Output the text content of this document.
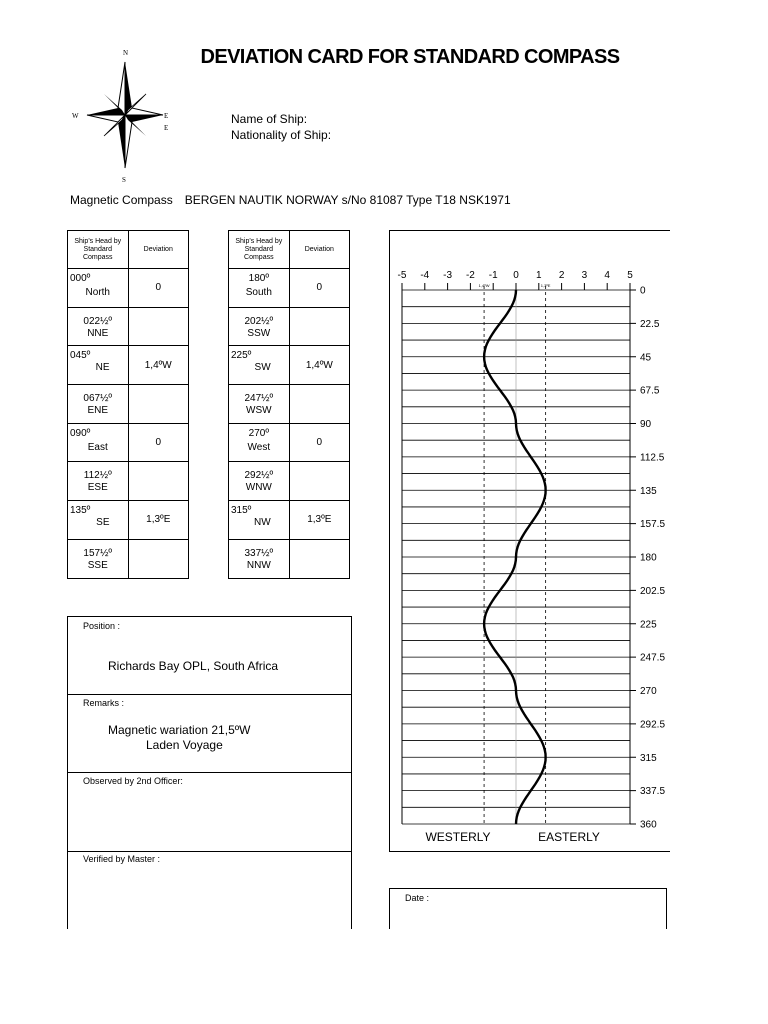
N
S
W	E
E
DEVIATION CARD FOR STANDARD COMPASS
Name of Ship:
Nationality of Ship:
Magnetic Compass BERGEN NAUTIK NORWAY s/No 81087 Type T18 NSK1971
Ship's Head by Standard Compass	Deviation

000º
North	0

022½º
NNE	

045º
NE	1,4ºW

067½º
ENE	

090º
East	0

112½º
ESE	

135º
SE	1,3ºE

157½º
SSE	

Ship's Head by Standard Compass	Deviation

180º
South	0

202½º
SSW	

225º
SW	1,4ºW

247½º
WSW	

270º
West	0

292½º
WNW	

315º
NW	1,3ºE

337½º
NNW	

Position :
Richards Bay OPL, South Africa
Remarks :
Magnetic wariation 21,5ºW
Laden Voyage
Observed by 2nd Officer:
Verified by Master :
-5 -4 -3 -2 -1 0 1 2 3 4 5
0
22.5
45
67.5
90
112.5
135
157.5
180
202.5
225
247.5
270
292.5
315
337.5
360
1,4ºW	1,3ºE
WESTERLY	EASTERLY
Date :
